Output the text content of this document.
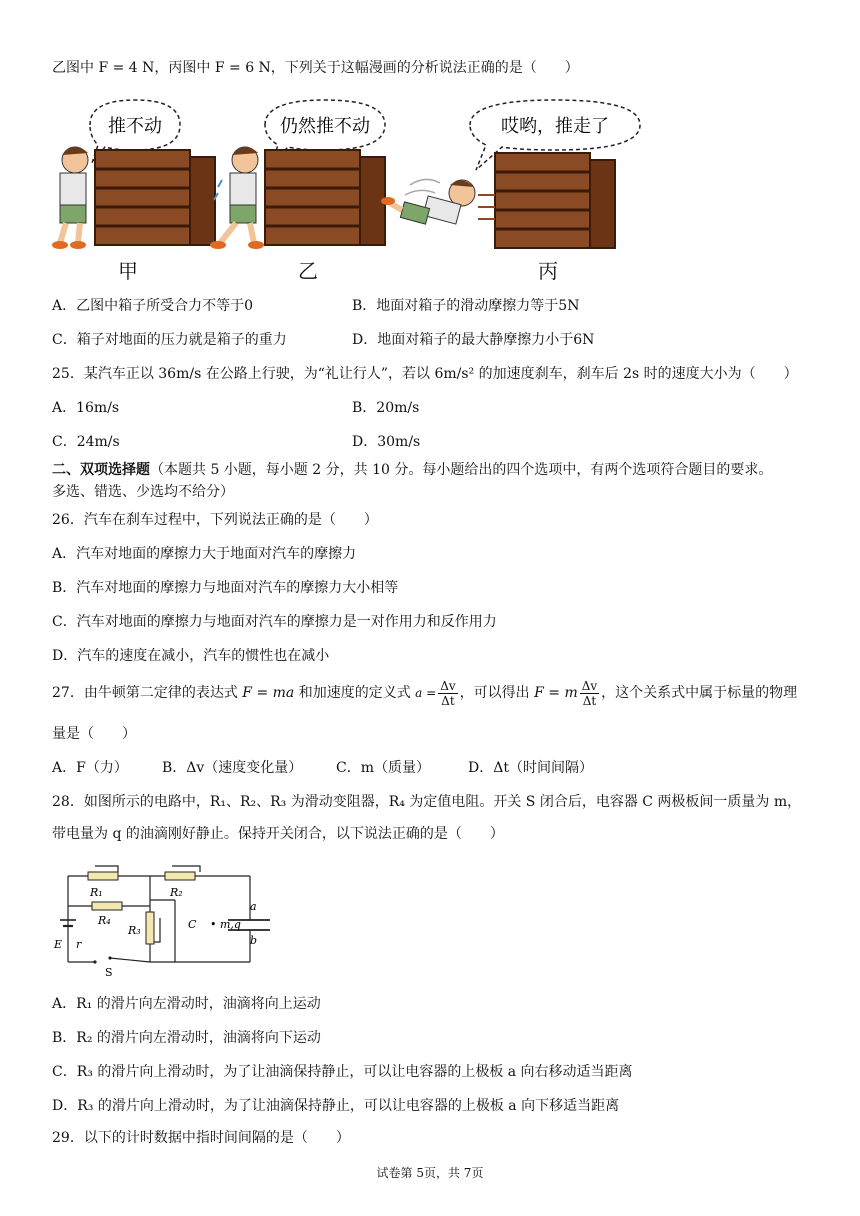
乙图中 F = 4 N，丙图中 F = 6 N，下列关于这幅漫画的分析说法正确的是（　　）
推不动	仍然推不动	哎哟，推走了
甲	乙	丙
A．乙图中箱子所受合力不等于0	B．地面对箱子的滑动摩擦力等于5N
C．箱子对地面的压力就是箱子的重力	D．地面对箱子的最大静摩擦力小于6N
25．某汽车正以 36m/s 在公路上行驶，为“礼让行人”，若以 6m/s² 的加速度刹车，刹车后 2s 时的速度大小为（　　）
A．16m/s	B．20m/s
C．24m/s	D．30m/s
二、双项选择题（本题共 5 小题，每小题 2 分，共 10 分。每小题给出的四个选项中，有两个选项符合题目的要求。
多选、错选、少选均不给分）
26．汽车在刹车过程中，下列说法正确的是（　　）
A．汽车对地面的摩擦力大于地面对汽车的摩擦力
B．汽车对地面的摩擦力与地面对汽车的摩擦力大小相等
C．汽车对地面的摩擦力与地面对汽车的摩擦力是一对作用力和反作用力
D．汽车的速度在减小，汽车的惯性也在减小
27．由牛顿第二定律的表达式 F = ma 和加速度的定义式 $a = \frac{\Delta v}{\Delta t}$ ，可以得出 F = m $\frac{\Delta v}{\Delta t}$ ，这个关系式中属于标量的物理
量是（　　）
A．F（力） B．Δv（速度变化量） C．m（质量）	D．Δt（时间间隔）
28．如图所示的电路中，R₁、R₂、R₃ 为滑动变阻器，R₄ 为定值电阻。开关 S 闭合后，电容器 C 两极板间一质量为 m，
带电量为 q 的油滴刚好静止。保持开关闭合，以下说法正确的是（　　）
R₁	R₂
R₄
R₃	C • m,q
a
b
E r
S
A．R₁ 的滑片向左滑动时，油滴将向上运动
B．R₂ 的滑片向左滑动时，油滴将向下运动
C．R₃ 的滑片向上滑动时，为了让油滴保持静止，可以让电容器的上极板 a 向右移动适当距离
D．R₃ 的滑片向上滑动时，为了让油滴保持静止，可以让电容器的上极板 a 向下移适当距离
29．以下的计时数据中指时间间隔的是（　　）
试卷第 5页，共 7页
